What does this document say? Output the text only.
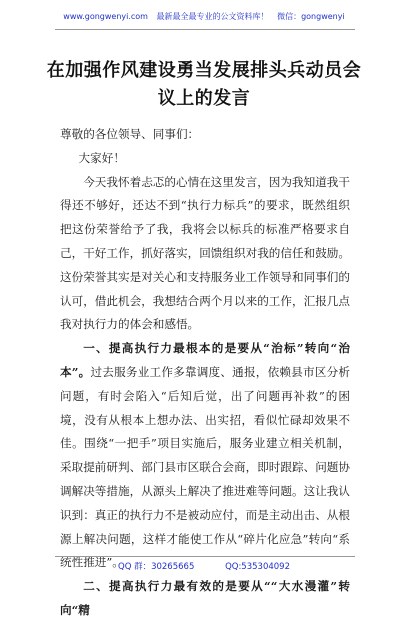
www.gongwenyi.com 最新最全最专业的公文资料库！ 微信：gongwenyi
在加强作风建设勇当发展排头兵动员会议上的发言

尊敬的各位领导、同事们：

大家好！

今天我怀着忐忑的心情在这里发言，因为我知道我干得还不够好，还达不到“执行力标兵”的要求，既然组织把这份荣誉给予了我，我将会以标兵的标准严格要求自己，干好工作，抓好落实，回馈组织对我的信任和鼓励。这份荣誉其实是对关心和支持服务业工作领导和同事们的认可，借此机会，我想结合两个月以来的工作，汇报几点我对执行力的体会和感悟。

一、提高执行力最根本的是要从“治标”转向“治本”。过去服务业工作多靠调度、通报，依赖县市区分析问题，有时会陷入“后知后觉，出了问题再补救”的困境，没有从根本上想办法、出实招，看似忙碌却效果不佳。围绕“一把手”项目实施后，服务业建立相关机制，采取提前研判、部门县市区联合会商，即时跟踪、问题协调解决等措施，从源头上解决了推进难等问题。这让我认识到：真正的执行力不是被动应付，而是主动出击、从根源上解决问题，这样才能使工作从“碎片化应急”转向“系统性推进”。

二、提高执行力最有效的是要从““大水漫灌”转向“精

QQ 群：30265665	QQ:535304092
